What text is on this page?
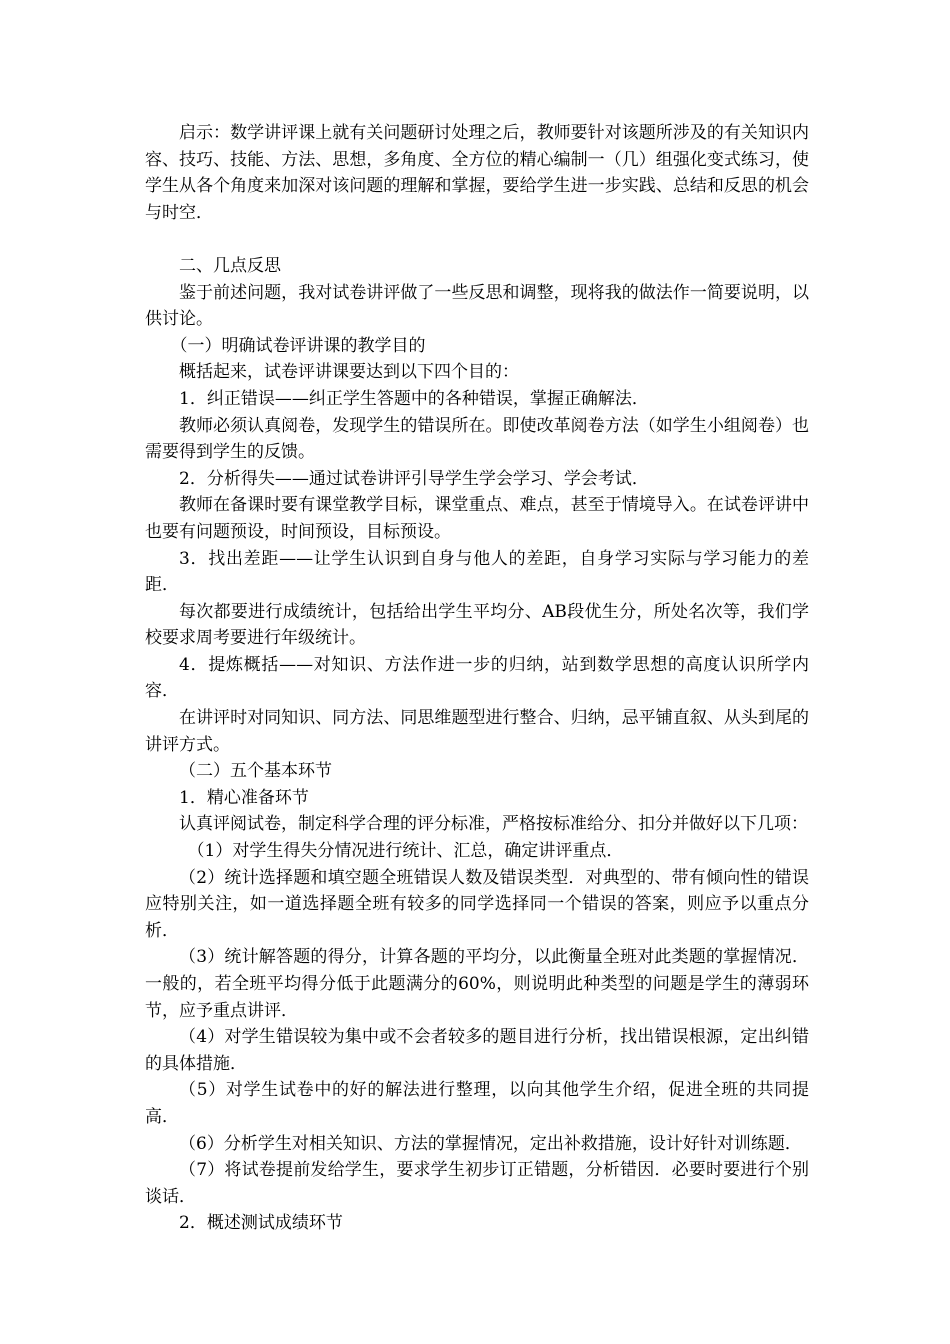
启示：数学讲评课上就有关问题研讨处理之后，教师要针对该题所涉及的有关知识内容、技巧、技能、方法、思想，多角度、全方位的精心编制一（几）组强化变式练习，使学生从各个角度来加深对该问题的理解和掌握，要给学生进一步实践、总结和反思的机会与时空．

二、几点反思

鉴于前述问题，我对试卷讲评做了一些反思和调整，现将我的做法作一简要说明，以供讨论。

（一）明确试卷评讲课的教学目的

概括起来，试卷评讲课要达到以下四个目的：

1．纠正错误——纠正学生答题中的各种错误，掌握正确解法．

教师必须认真阅卷，发现学生的错误所在。即使改革阅卷方法（如学生小组阅卷）也需要得到学生的反馈。

2．分析得失——通过试卷讲评引导学生学会学习、学会考试．

教师在备课时要有课堂教学目标，课堂重点、难点，甚至于情境导入。在试卷评讲中也要有问题预设，时间预设，目标预设。

3．找出差距——让学生认识到自身与他人的差距，自身学习实际与学习能力的差距．

每次都要进行成绩统计，包括给出学生平均分、AB段优生分，所处名次等，我们学校要求周考要进行年级统计。

4．提炼概括——对知识、方法作进一步的归纳，站到数学思想的高度认识所学内容．

在讲评时对同知识、同方法、同思维题型进行整合、归纳，忌平铺直叙、从头到尾的讲评方式。

（二）五个基本环节

1．精心准备环节

认真评阅试卷，制定科学合理的评分标准，严格按标准给分、扣分并做好以下几项：

（1）对学生得失分情况进行统计、汇总，确定讲评重点．

（2）统计选择题和填空题全班错误人数及错误类型．对典型的、带有倾向性的错误应特别关注，如一道选择题全班有较多的同学选择同一个错误的答案，则应予以重点分析．

（3）统计解答题的得分，计算各题的平均分，以此衡量全班对此类题的掌握情况．一般的，若全班平均得分低于此题满分的60%，则说明此种类型的问题是学生的薄弱环节，应予重点讲评．

（4）对学生错误较为集中或不会者较多的题目进行分析，找出错误根源，定出纠错的具体措施．

（5）对学生试卷中的好的解法进行整理，以向其他学生介绍，促进全班的共同提高．

（6）分析学生对相关知识、方法的掌握情况，定出补救措施，设计好针对训练题．

（7）将试卷提前发给学生，要求学生初步订正错题，分析错因．必要时要进行个别谈话．

2．概述测试成绩环节
